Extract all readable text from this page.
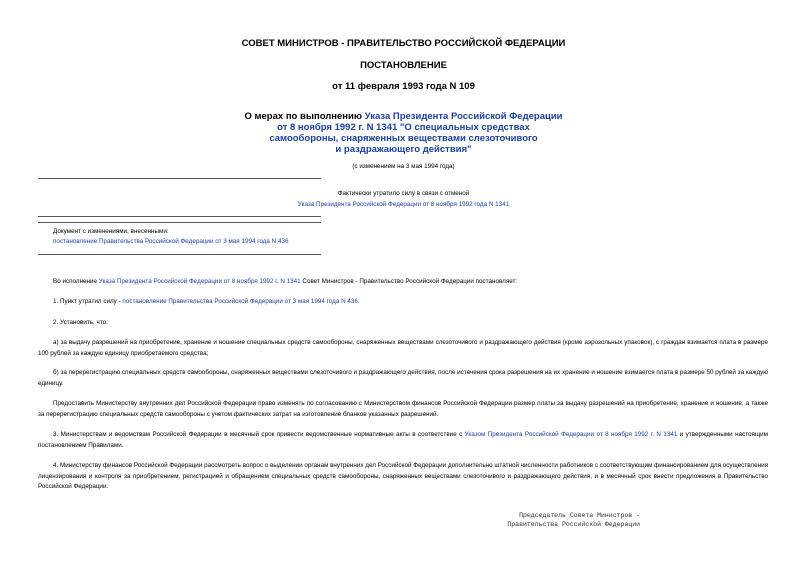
СОВЕТ МИНИСТРОВ - ПРАВИТЕЛЬСТВО РОССИЙСКОЙ ФЕДЕРАЦИИ
ПОСТАНОВЛЕНИЕ
от 11 февраля 1993 года N 109
О мерах по выполнению Указа Президента Российской Федерации
от 8 ноября 1992 г. N 1341 "О специальных средствах
самообороны, снаряженных веществами слезоточивого
и раздражающего действия"
(с изменением на 3 мая 1994 года)
Фактически утратило силу в связи с отменой
Указа Президента Российской Федерации от 8 ноября 1992 года N 1341
Документ с изменениями, внесенными:
постановление Правительства Российской Федерации от 3 мая 1994 года N 436
Во исполнение Указа Президента Российской Федерации от 8 ноября 1992 г. N 1341 Совет Министров - Правительство Российской Федерации постановляет:
1. Пункт утратил силу - постановление Правительства Российской Федерации от 3 мая 1994 года N 436.
2. Установить, что:
а) за выдачу разрешений на приобретение, хранение и ношение специальных средств самообороны, снаряженных веществами слезоточивого и раздражающего действия (кроме аэрозольных упаковок), с граждан взимается плата в размере 100 рублей за каждую единицу приобретаемого средства;
б) за перерегистрацию специальных средств самообороны, снаряженных веществами слезоточивого и раздражающего действия, после истечения срока разрешения на их хранение и ношение взимается плата в размере 50 рублей за каждую единицу.
Предоставить Министерству внутренних дел Российской Федерации право изменять по согласованию с Министерством финансов Российской Федерации размер платы за выдачу разрешений на приобретение, хранение и ношение, а также за перерегистрацию специальных средств самообороны с учетом фактических затрат на изготовление бланков указанных разрешений.
3. Министерствам и ведомствам Российской Федерации в месячный срок привести ведомственные нормативные акты в соответствие с Указом Президента Российской Федерации от 8 ноября 1992 г. N 1341 и утвержденными настоящим постановлением Правилами.
4. Министерству финансов Российской Федерации рассмотреть вопрос о выделении органам внутренних дел Российской Федерации дополнительно штатной численности работников с соответствующим финансированием для осуществления лицензирования и контроля за приобретением, регистрацией и обращением специальных средств самообороны, снаряженных веществами слезоточивого и раздражающего действия, и в месячный срок внести предложения в Правительство Российской Федерации.
Председатель Совета Министров -
Правительства Российской Федерации
